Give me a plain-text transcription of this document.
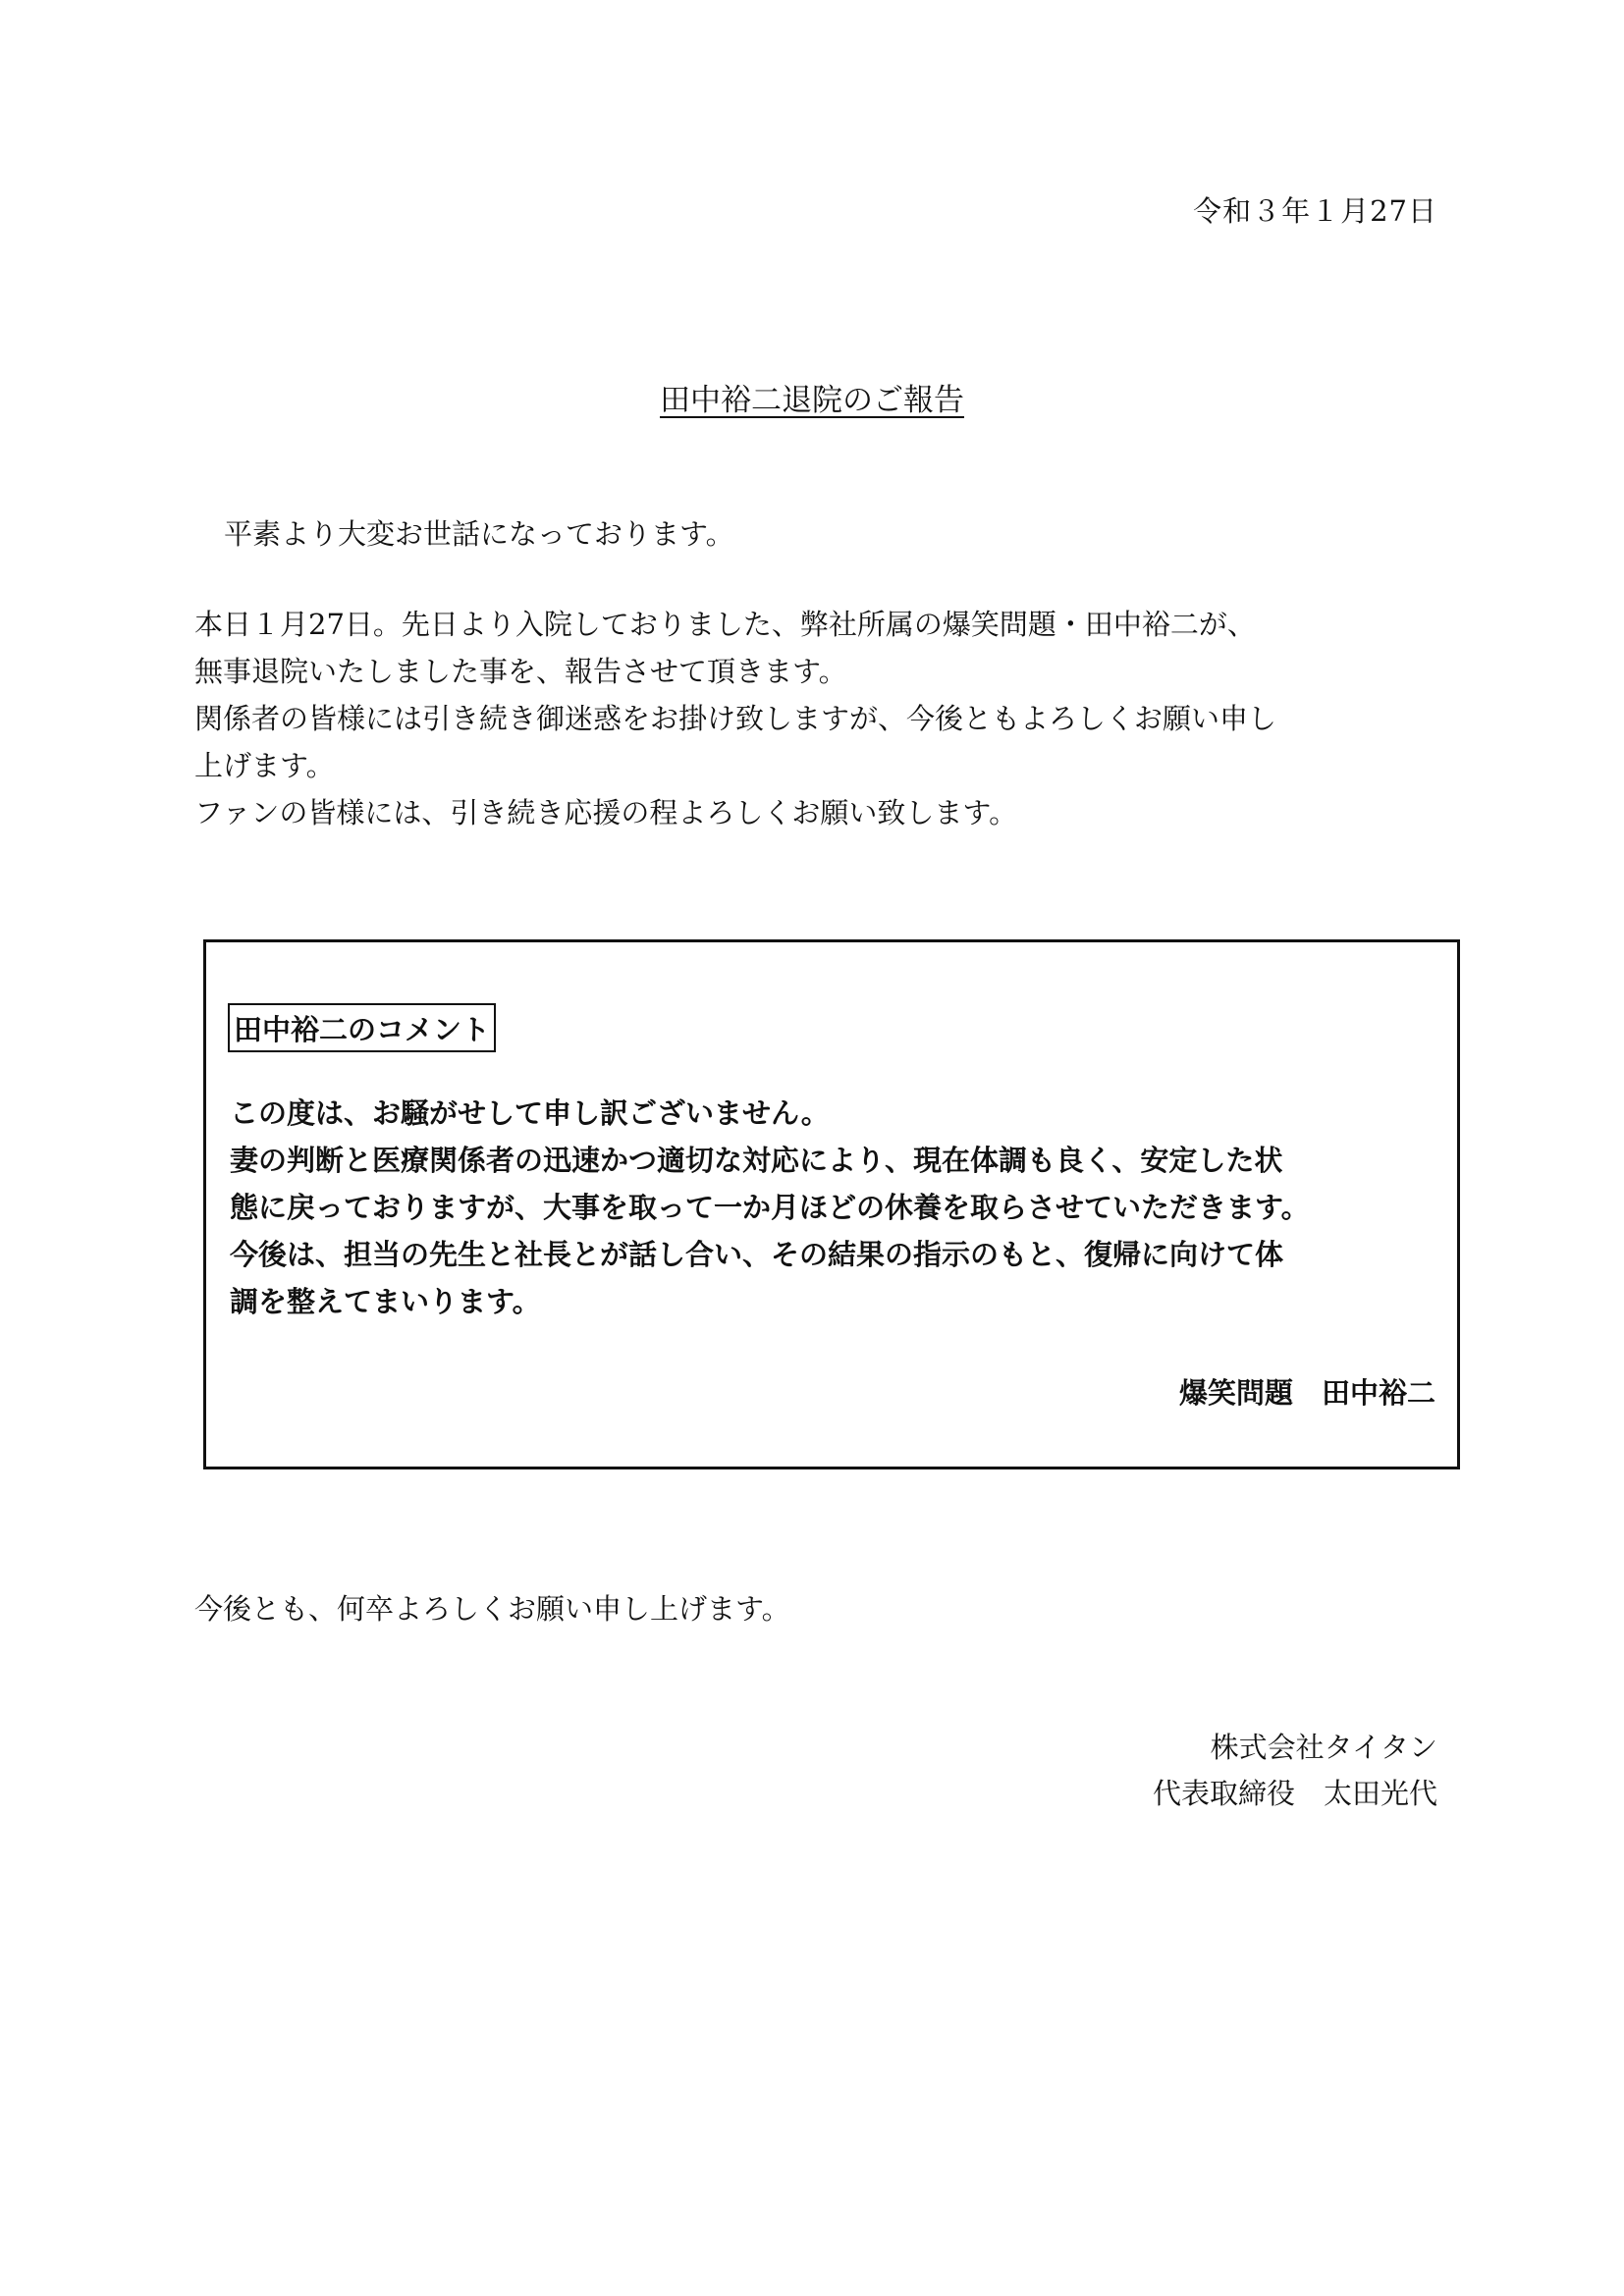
令和３年１月27日
田中裕二退院のご報告
平素より大変お世話になっております。

本日１月27日。先日より入院しておりました、弊社所属の爆笑問題・田中裕二が、

無事退院いたしました事を、報告させて頂きます。

関係者の皆様には引き続き御迷惑をお掛け致しますが、今後ともよろしくお願い申し

上げます。

ファンの皆様には、引き続き応援の程よろしくお願い致します。

田中裕二のコメント

この度は、お騒がせして申し訳ございません。

妻の判断と医療関係者の迅速かつ適切な対応により、現在体調も良く、安定した状

態に戻っておりますが、大事を取って一か月ほどの休養を取らさせていただきます。

今後は、担当の先生と社長とが話し合い、その結果の指示のもと、復帰に向けて体

調を整えてまいります。

爆笑問題　田中裕二
今後とも、何卒よろしくお願い申し上げます。
株式会社タイタン
代表取締役　太田光代
